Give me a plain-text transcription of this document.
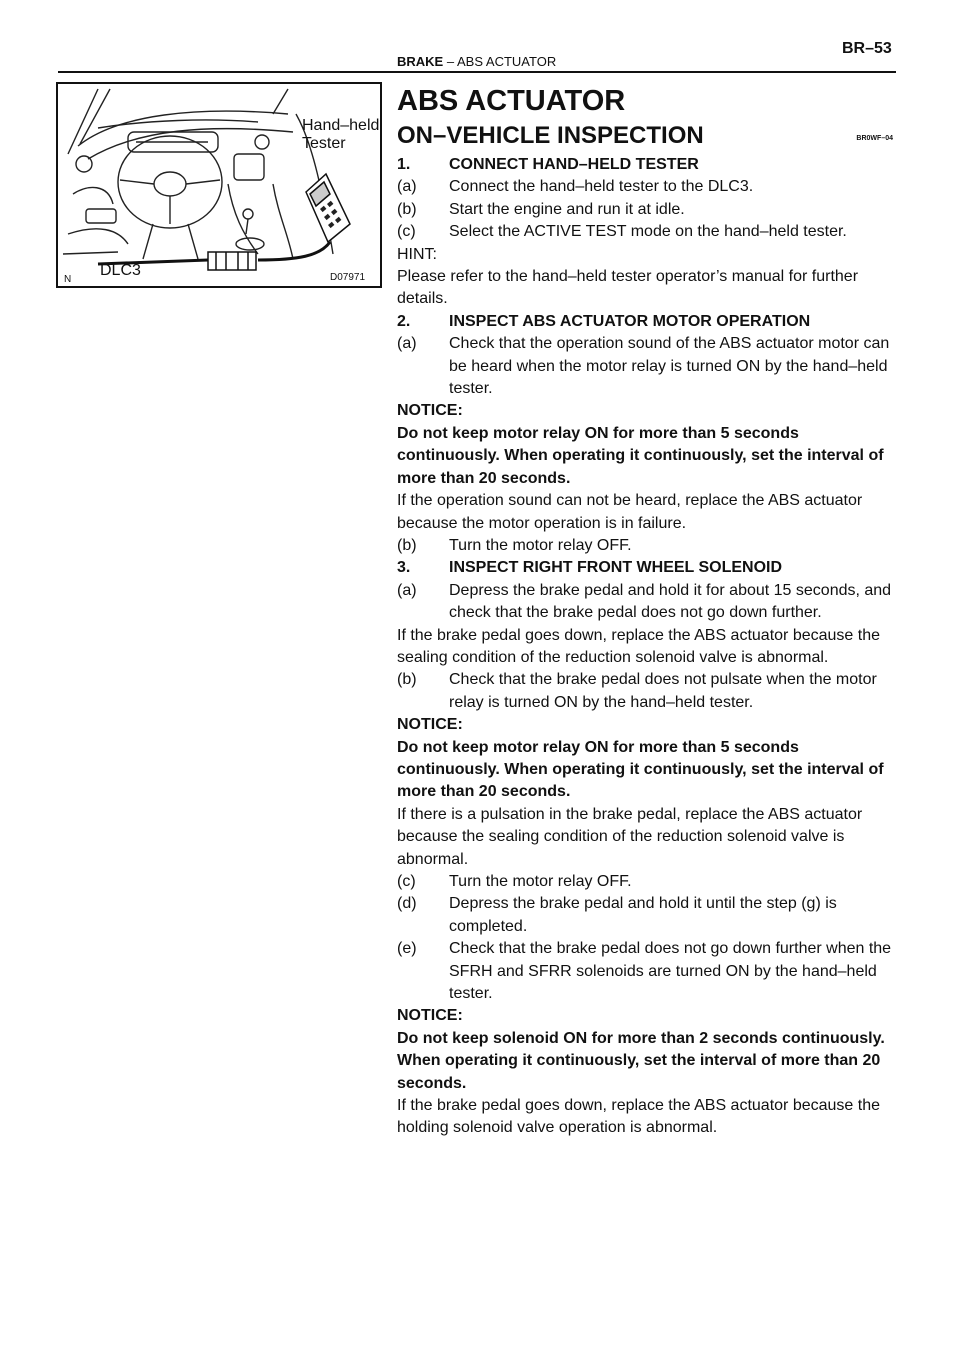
BR–53
BRAKE – ABS ACTUATOR
Hand–held
Tester
DLC3
N	D07971
ABS ACTUATOR
ON–VEHICLE INSPECTION	BR0WF–04
1.	CONNECT HAND–HELD TESTER
(a)	Connect the hand–held tester to the DLC3.
(b)	Start the engine and run it at idle.
(c)	Select the ACTIVE TEST mode on the hand–held tester.

HINT:

Please refer to the hand–held tester operator’s manual for further details.

2.	INSPECT ABS ACTUATOR MOTOR OPERATION
(a)	Check that the operation sound of the ABS actuator motor can be heard when the motor relay is turned ON by the hand–held tester.

NOTICE:

Do not keep motor relay ON for more than 5 seconds continuously. When operating it continuously, set the interval of more than 20 seconds.

If the operation sound can not be heard, replace the ABS actuator because the motor operation is in failure.

(b)	Turn the motor relay OFF.
3.	INSPECT RIGHT FRONT WHEEL SOLENOID
(a)	Depress the brake pedal and hold it for about 15 seconds, and check that the brake pedal does not go down further.

If the brake pedal goes down, replace the ABS actuator because the sealing condition of the reduction solenoid valve is abnormal.

(b)	Check that the brake pedal does not pulsate when the motor relay is turned ON by the hand–held tester.

NOTICE:

Do not keep motor relay ON for more than 5 seconds continuously. When operating it continuously, set the interval of more than 20 seconds.

If there is a pulsation in the brake pedal, replace the ABS actuator because the sealing condition of the reduction solenoid valve is abnormal.

(c)	Turn the motor relay OFF.
(d)	Depress the brake pedal and hold it until the step (g) is completed.
(e)	Check that the brake pedal does not go down further when the SFRH and SFRR solenoids are turned ON by the hand–held tester.

NOTICE:

Do not keep solenoid ON for more than 2 seconds continuously. When operating it continuously, set the interval of more than 20 seconds.

If the brake pedal goes down, replace the ABS actuator because the holding solenoid valve operation is abnormal.
